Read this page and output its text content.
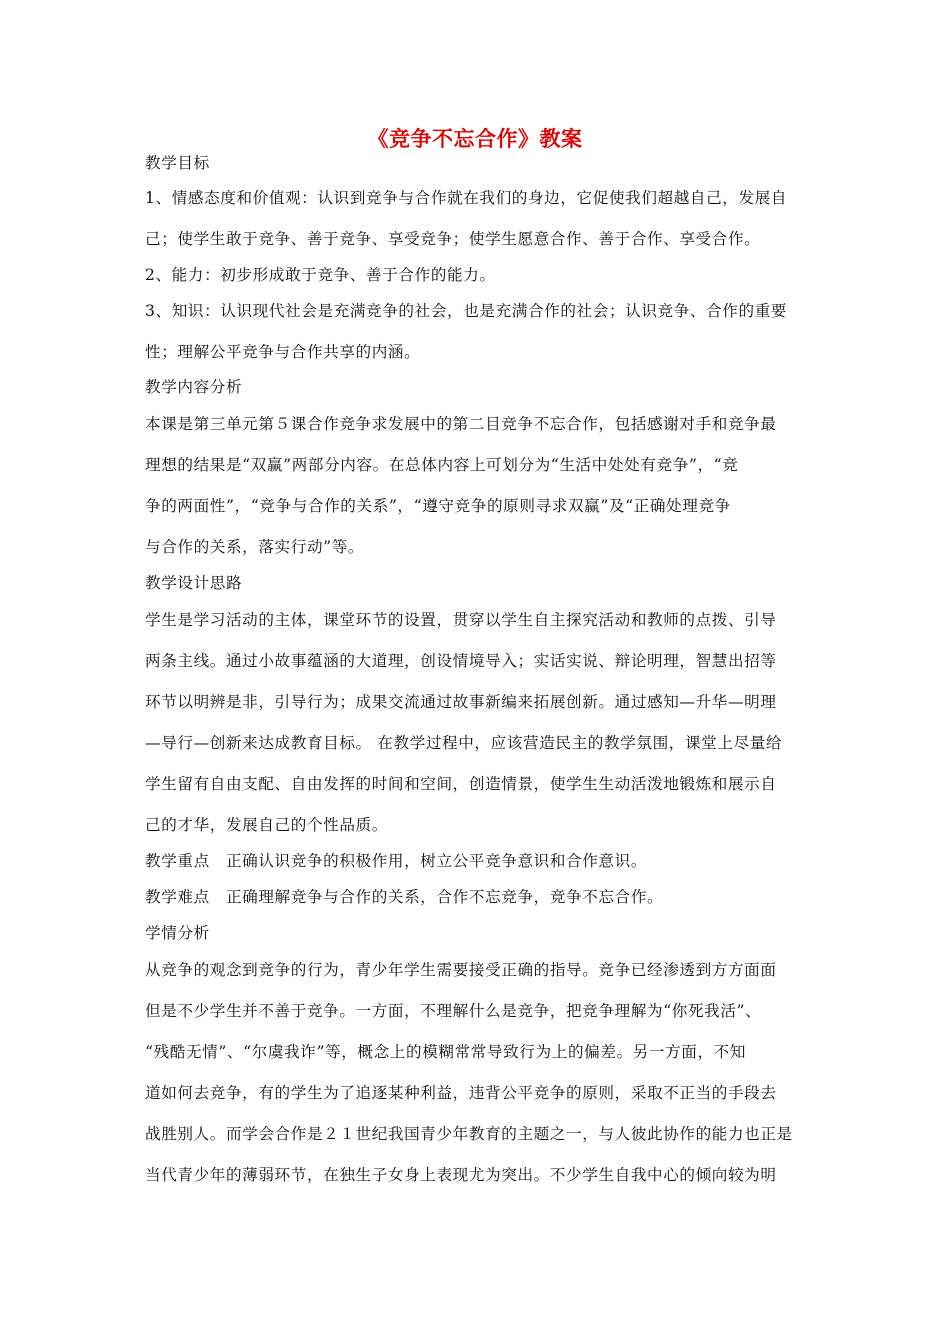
《竞争不忘合作》教案
教学目标
1、情感态度和价值观：认识到竞争与合作就在我们的身边，它促使我们超越自己，发展自
己；使学生敢于竞争、善于竞争、享受竞争；使学生愿意合作、善于合作、享受合作。
2、能力：初步形成敢于竞争、善于合作的能力。
3、知识：认识现代社会是充满竞争的社会，也是充满合作的社会；认识竞争、合作的重要
性；理解公平竞争与合作共享的内涵。
教学内容分析
本课是第三单元第５课合作竞争求发展中的第二目竞争不忘合作，包括感谢对手和竞争最
理想的结果是“双赢”两部分内容。在总体内容上可划分为“生活中处处有竞争”，“竞
争的两面性”，“竞争与合作的关系”，“遵守竞争的原则寻求双赢”及“正确处理竞争
与合作的关系，落实行动”等。
教学设计思路
学生是学习活动的主体，课堂环节的设置，贯穿以学生自主探究活动和教师的点拨、引导
两条主线。通过小故事蕴涵的大道理，创设情境导入；实话实说、辩论明理，智慧出招等
环节以明辨是非，引导行为；成果交流通过故事新编来拓展创新。通过感知—升华—明理
—导行—创新来达成教育目标。 在教学过程中，应该营造民主的教学氛围，课堂上尽量给
学生留有自由支配、自由发挥的时间和空间，创造情景，使学生生动活泼地锻炼和展示自
己的才华，发展自己的个性品质。
教学重点　正确认识竞争的积极作用，树立公平竞争意识和合作意识。
教学难点　正确理解竞争与合作的关系，合作不忘竞争，竞争不忘合作。
学情分析
从竞争的观念到竞争的行为，青少年学生需要接受正确的指导。竞争已经渗透到方方面面
但是不少学生并不善于竞争。一方面，不理解什么是竞争，把竞争理解为“你死我活”、
“残酷无情”、“尔虞我诈”等，概念上的模糊常常导致行为上的偏差。另一方面，不知
道如何去竞争，有的学生为了追逐某种利益，违背公平竞争的原则，采取不正当的手段去
战胜别人。而学会合作是２１世纪我国青少年教育的主题之一，与人彼此协作的能力也正是
当代青少年的薄弱环节，在独生子女身上表现尤为突出。不少学生自我中心的倾向较为明
